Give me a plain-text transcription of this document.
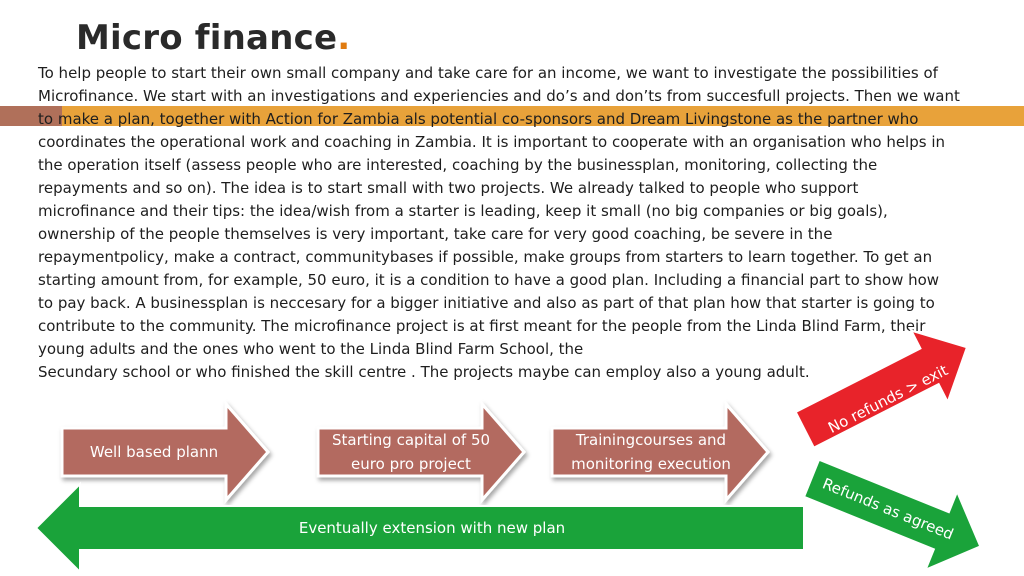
Micro finance.

To help people to start their own small company and take care for an income, we want to investigate the possibilities of

Microfinance. We start with an investigations and experiencies and do’s and don’ts from succesfull projects. Then we want

to make a plan, together with Action for Zambia als potential co-sponsors and Dream Livingstone as the partner who

coordinates the operational work and coaching in Zambia. It is important to cooperate with an organisation who helps in

the operation itself (assess people who are interested, coaching by the businessplan, monitoring, collecting the

repayments and so on). The idea is to start small with two projects. We already talked to people who support

microfinance and their tips: the idea/wish from a starter is leading, keep it small (no big companies or big goals),

ownership of the people themselves is very important, take care for very good coaching, be severe in the

repaymentpolicy, make a contract, communitybases if possible, make groups from starters to learn together. To get an

starting amount from, for example, 50 euro, it is a condition to have a good plan. Including a financial part to show how

to pay back. A businessplan is neccesary for a bigger initiative and also as part of that plan how that starter is going to

contribute to the community. The microfinance project is at first meant for the people from the Linda Blind Farm, their

young adults and the ones who went to the Linda Blind Farm School, the

Secundary school or who finished the skill centre . The projects maybe can employ also a young adult.

Well based plann
Starting capital of 50
euro pro project
Trainingcourses and
monitoring execution
No refunds > exit
Refunds as agreed
Eventually extension with new plan
